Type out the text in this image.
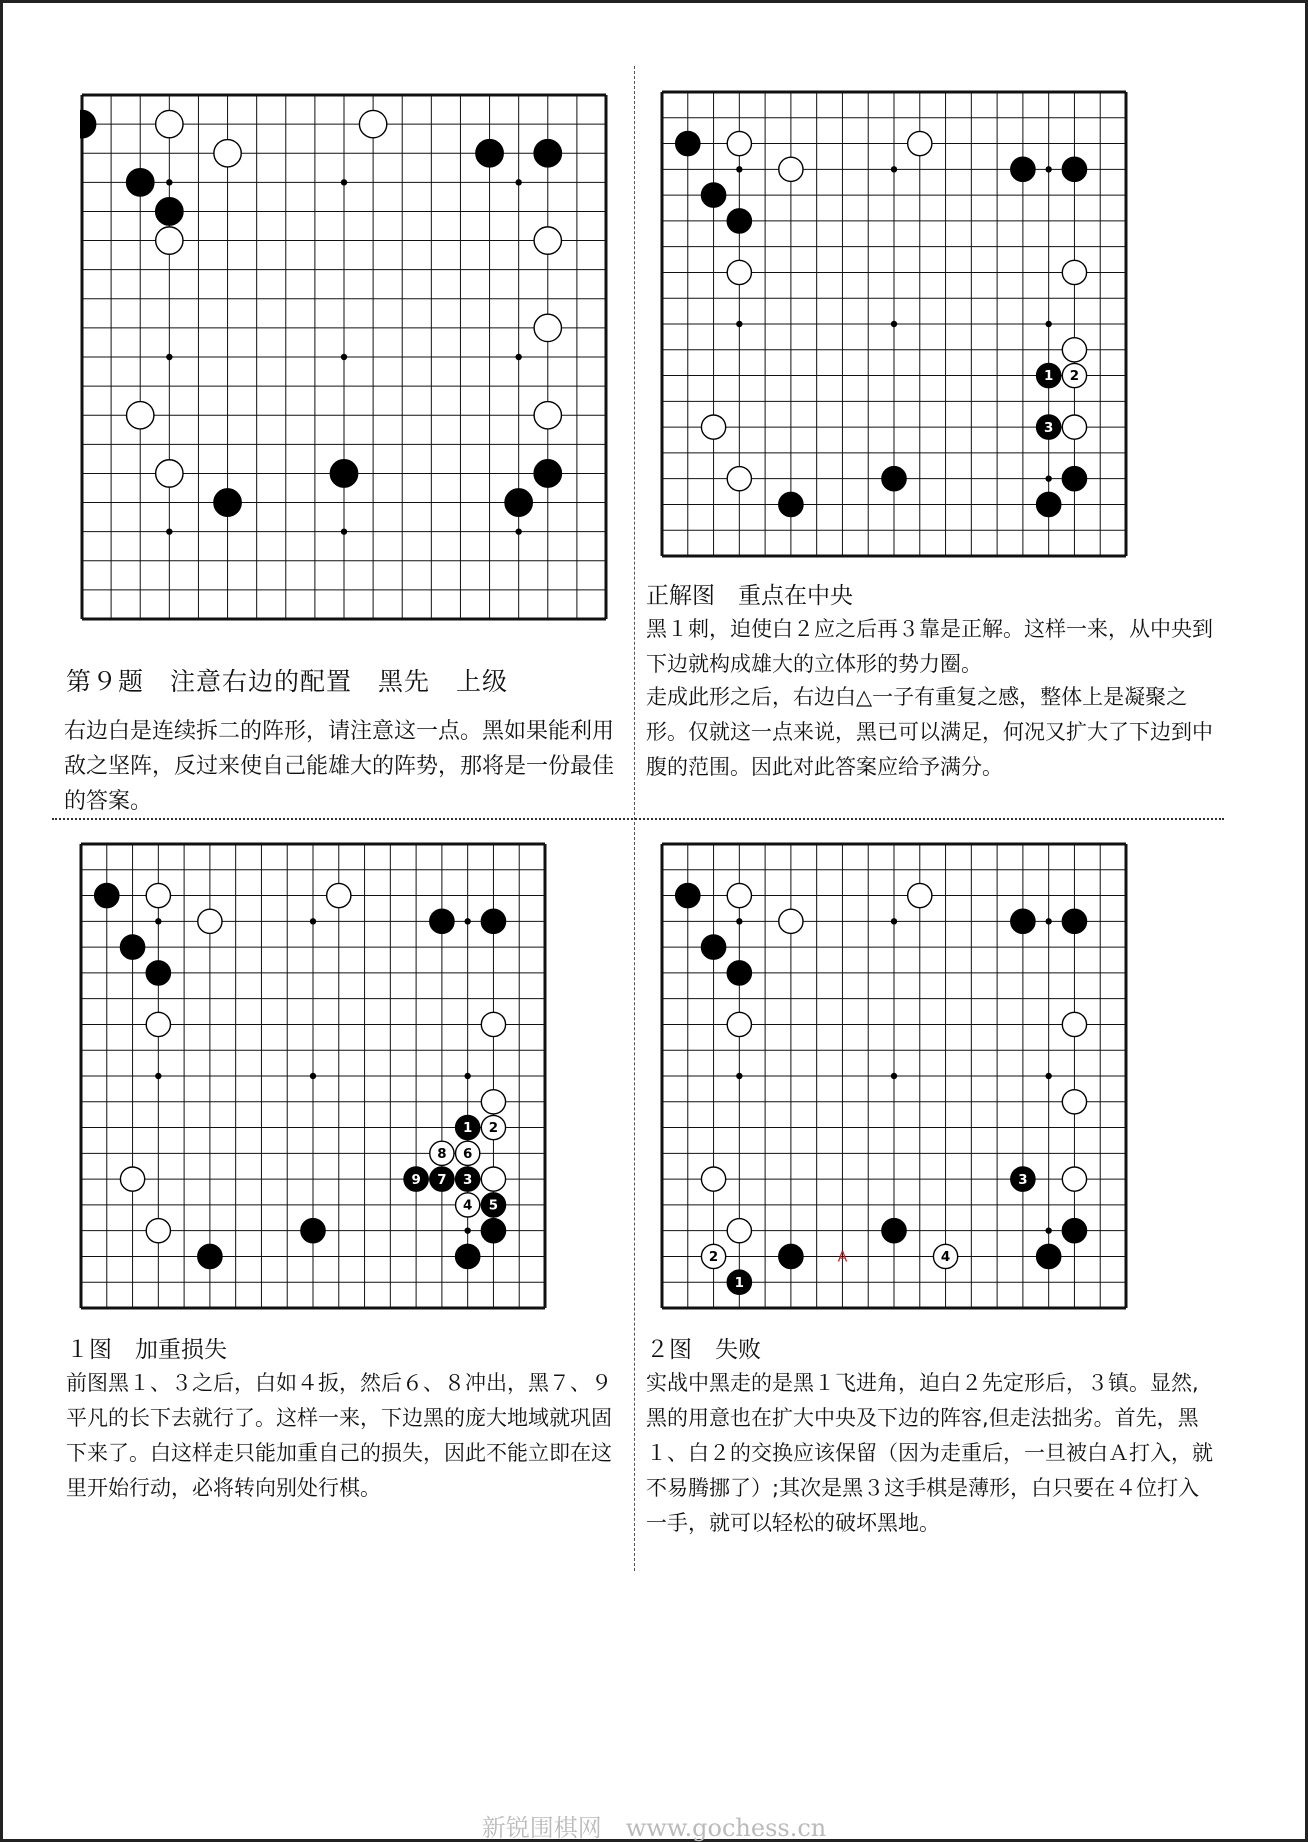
第９题　注意右边的配置　黑先　上级

右边白是连续拆二的阵形，请注意这一点。黑如果能利用敌之坚阵，反过来使自己能雄大的阵势，那将是一份最佳的答案。

1 2
3
正解图　重点在中央

黑１刺，迫使白２应之后再３靠是正解。这样一来，从中央到下边就构成雄大的立体形的势力圈。

走成此形之后，右边白△一子有重复之感，整体上是凝聚之形。仅就这一点来说，黑已可以满足，何况又扩大了下边到中腹的范围。因此对此答案应给予满分。

1 2
8 6
9 7 3
4 5
１图　加重损失

前图黑１、３之后，白如４扳，然后６、８冲出，黑７、９平凡的长下去就行了。这样一来，下边黑的庞大地域就巩固下来了。白这样走只能加重自己的损失，因此不能立即在这里开始行动，必将转向别处行棋。

3
2	4
1
A
２图　失败

实战中黑走的是黑１飞进角，迫白２先定形后，３镇。显然,黑的用意也在扩大中央及下边的阵容,但走法拙劣。首先，黑１、白２的交换应该保留（因为走重后，一旦被白Ａ打入，就不易腾挪了）;其次是黑３这手棋是薄形，白只要在４位打入一手，就可以轻松的破坏黑地。

新锐围棋网　www.gochess.cn
